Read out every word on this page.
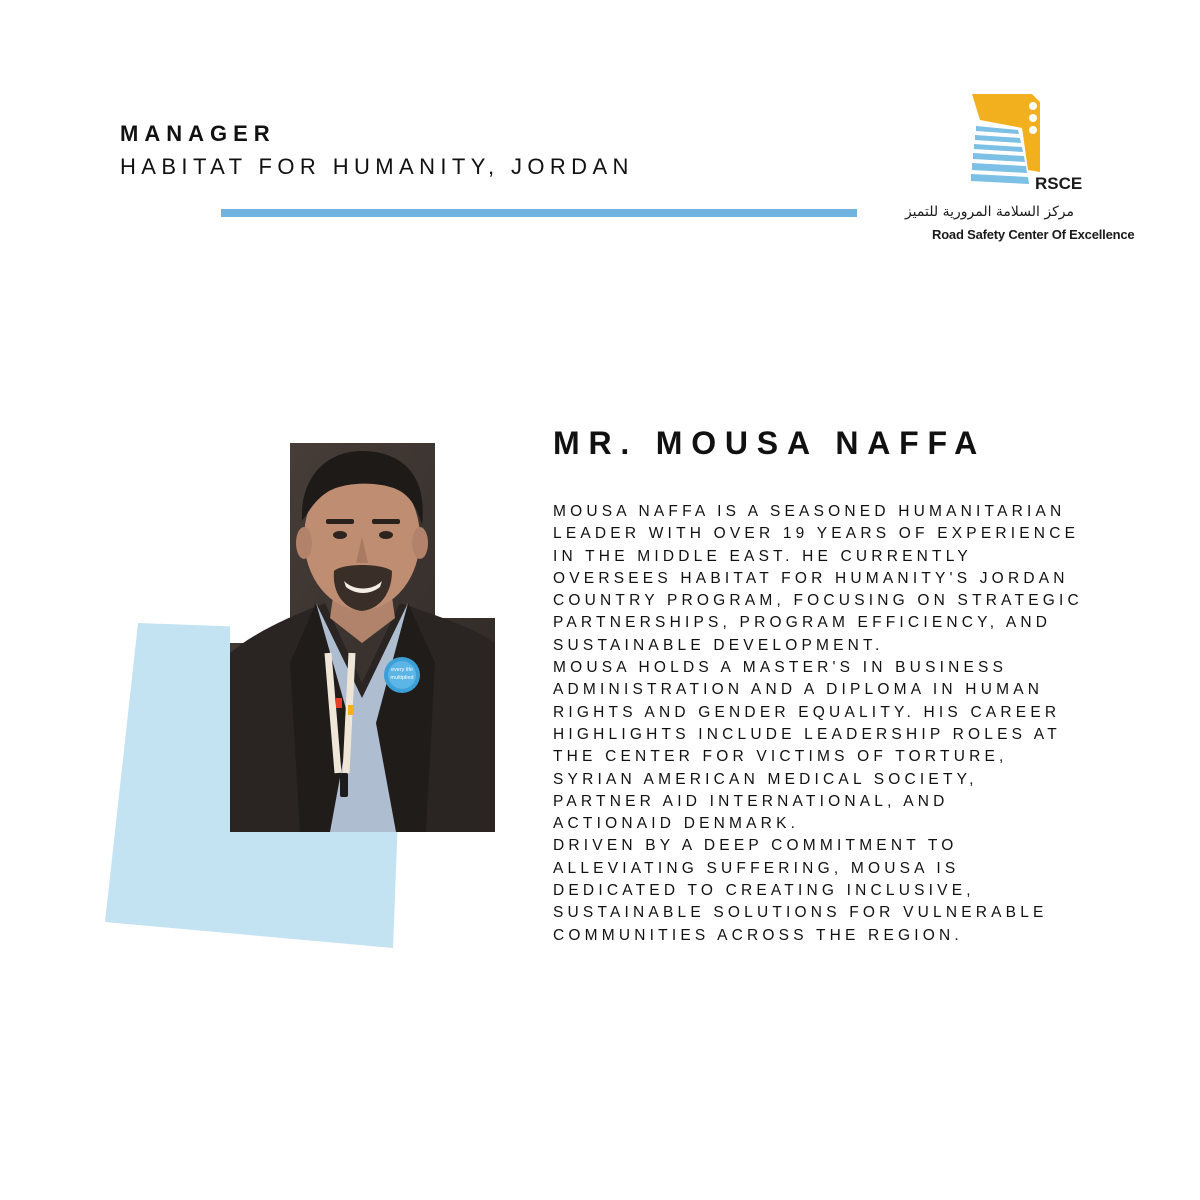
MANAGER

HABITAT FOR HUMANITY, JORDAN

RSCE

مركز السلامة المرورية للتميز

Road Safety Center Of Excellence

every life
multiplied
MR. MOUSA NAFFA
MOUSA NAFFA IS A SEASONED HUMANITARIAN
LEADER WITH OVER 19 YEARS OF EXPERIENCE
IN THE MIDDLE EAST. HE CURRENTLY
OVERSEES HABITAT FOR HUMANITY'S JORDAN
COUNTRY PROGRAM, FOCUSING ON STRATEGIC
PARTNERSHIPS, PROGRAM EFFICIENCY, AND
SUSTAINABLE DEVELOPMENT.
MOUSA HOLDS A MASTER'S IN BUSINESS
ADMINISTRATION AND A DIPLOMA IN HUMAN
RIGHTS AND GENDER EQUALITY. HIS CAREER
HIGHLIGHTS INCLUDE LEADERSHIP ROLES AT
THE CENTER FOR VICTIMS OF TORTURE,
SYRIAN AMERICAN MEDICAL SOCIETY,
PARTNER AID INTERNATIONAL, AND
ACTIONAID DENMARK.
DRIVEN BY A DEEP COMMITMENT TO
ALLEVIATING SUFFERING, MOUSA IS
DEDICATED TO CREATING INCLUSIVE,
SUSTAINABLE SOLUTIONS FOR VULNERABLE
COMMUNITIES ACROSS THE REGION.
